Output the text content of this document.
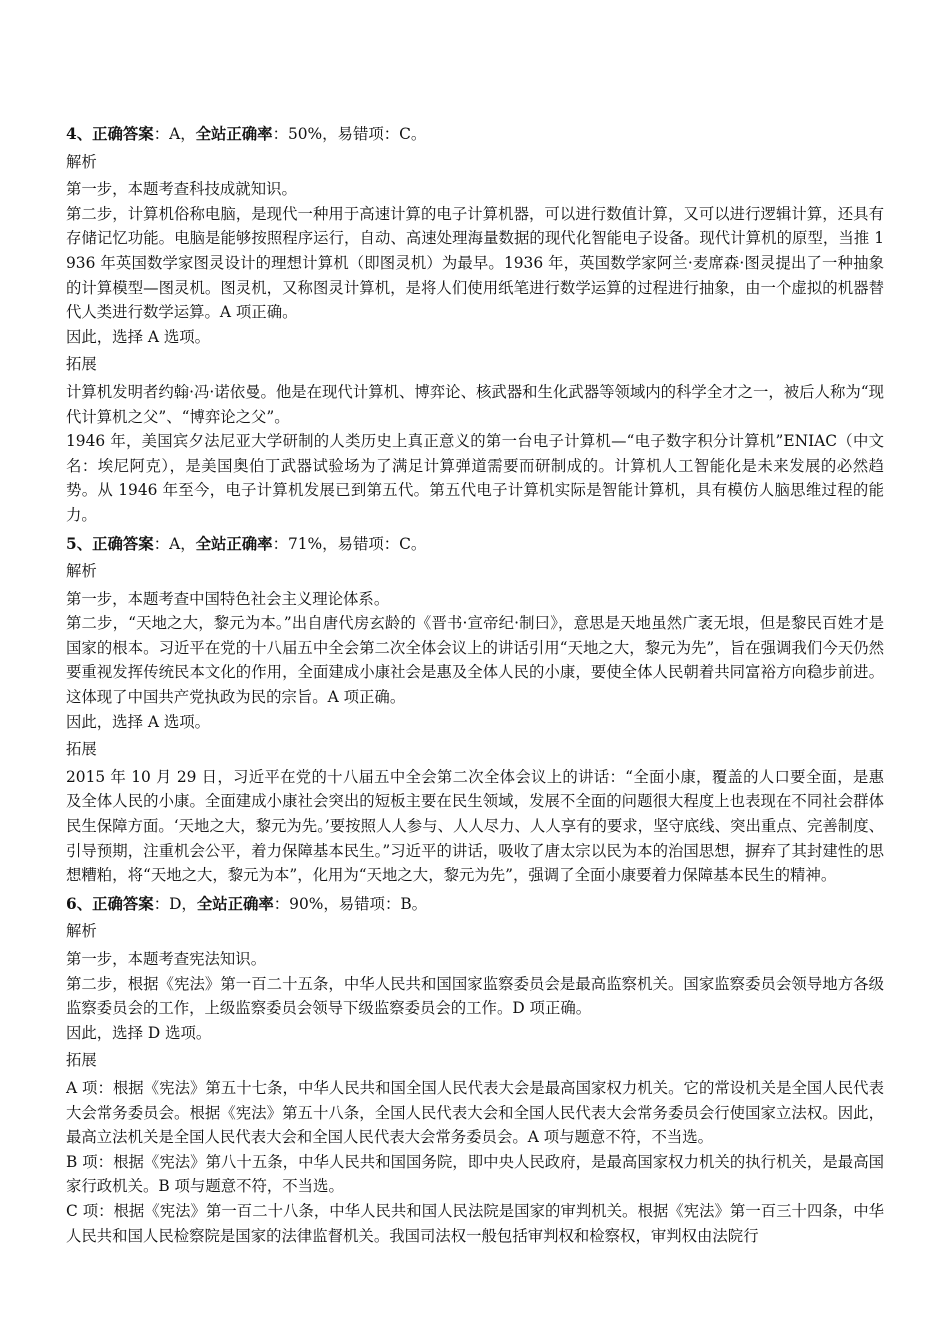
4、正确答案：A，全站正确率：50%，易错项：C。
解析

第一步，本题考查科技成就知识。

第二步，计算机俗称电脑，是现代一种用于高速计算的电子计算机器，可以进行数值计算，又可以进行逻辑计算，还具有存储记忆功能。电脑是能够按照程序运行，自动、高速处理海量数据的现代化智能电子设备。现代计算机的原型，当推 1936 年英国数学家图灵设计的理想计算机（即图灵机）为最早。1936 年，英国数学家阿兰·麦席森·图灵提出了一种抽象的计算模型—图灵机。图灵机，又称图灵计算机，是将人们使用纸笔进行数学运算的过程进行抽象，由一个虚拟的机器替代人类进行数学运算。A 项正确。

因此，选择 A 选项。

拓展

计算机发明者约翰·冯·诺依曼。他是在现代计算机、博弈论、核武器和生化武器等领域内的科学全才之一，被后人称为“现代计算机之父”、“博弈论之父”。

1946 年，美国宾夕法尼亚大学研制的人类历史上真正意义的第一台电子计算机—“电子数字积分计算机”ENIAC（中文名：埃尼阿克），是美国奥伯丁武器试验场为了满足计算弹道需要而研制成的。计算机人工智能化是未来发展的必然趋势。从 1946 年至今，电子计算机发展已到第五代。第五代电子计算机实际是智能计算机，具有模仿人脑思维过程的能力。

5、正确答案：A，全站正确率：71%，易错项：C。
解析

第一步，本题考查中国特色社会主义理论体系。

第二步，“天地之大，黎元为本。”出自唐代房玄龄的《晋书·宣帝纪·制曰》，意思是天地虽然广袤无垠，但是黎民百姓才是国家的根本。习近平在党的十八届五中全会第二次全体会议上的讲话引用“天地之大，黎元为先”，旨在强调我们今天仍然要重视发挥传统民本文化的作用，全面建成小康社会是惠及全体人民的小康，要使全体人民朝着共同富裕方向稳步前进。这体现了中国共产党执政为民的宗旨。A 项正确。

因此，选择 A 选项。

拓展

2015 年 10 月 29 日，习近平在党的十八届五中全会第二次全体会议上的讲话：“全面小康，覆盖的人口要全面，是惠及全体人民的小康。全面建成小康社会突出的短板主要在民生领域，发展不全面的问题很大程度上也表现在不同社会群体民生保障方面。‘天地之大，黎元为先。’要按照人人参与、人人尽力、人人享有的要求，坚守底线、突出重点、完善制度、引导预期，注重机会公平，着力保障基本民生。”习近平的讲话，吸收了唐太宗以民为本的治国思想，摒弃了其封建性的思想糟粕，将“天地之大，黎元为本”，化用为“天地之大，黎元为先”，强调了全面小康要着力保障基本民生的精神。

6、正确答案：D，全站正确率：90%，易错项：B。
解析

第一步，本题考查宪法知识。

第二步，根据《宪法》第一百二十五条，中华人民共和国国家监察委员会是最高监察机关。国家监察委员会领导地方各级监察委员会的工作，上级监察委员会领导下级监察委员会的工作。D 项正确。

因此，选择 D 选项。

拓展

A 项：根据《宪法》第五十七条，中华人民共和国全国人民代表大会是最高国家权力机关。它的常设机关是全国人民代表大会常务委员会。根据《宪法》第五十八条，全国人民代表大会和全国人民代表大会常务委员会行使国家立法权。因此，最高立法机关是全国人民代表大会和全国人民代表大会常务委员会。A 项与题意不符，不当选。

B 项：根据《宪法》第八十五条，中华人民共和国国务院，即中央人民政府，是最高国家权力机关的执行机关，是最高国家行政机关。B 项与题意不符，不当选。

C 项：根据《宪法》第一百二十八条，中华人民共和国人民法院是国家的审判机关。根据《宪法》第一百三十四条，中华人民共和国人民检察院是国家的法律监督机关。我国司法权一般包括审判权和检察权，审判权由法院行
